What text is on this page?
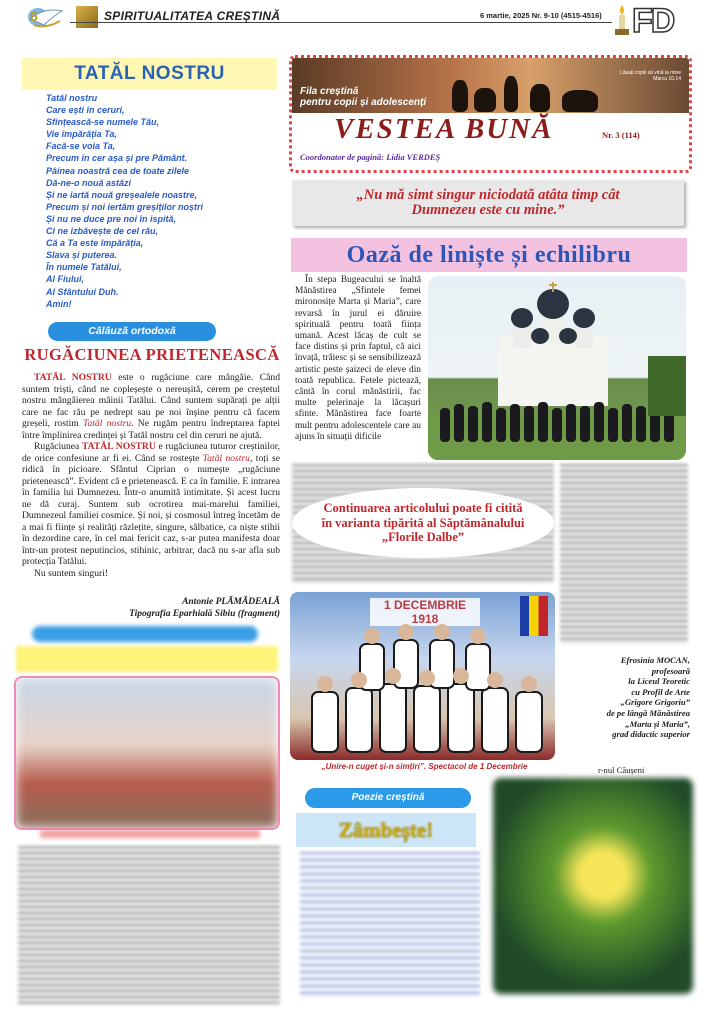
6	SPIRITUALITATEA CREȘTINĂ	6 martie, 2025 Nr. 9-10 (4515-4516) FD
TATĂL NOSTRU
Tatăl nostru
Care ești în ceruri,
Sfințească-se numele Tău,
Vie împărăția Ta,
Facă-se voia Ta,
Precum în cer așa și pre Pământ.
Pâinea noastră cea de toate zilele
Dă-ne-o nouă astăzi
Și ne iartă nouă greșealele noastre,
Precum și noi iertăm greșiților noștri
Și nu ne duce pre noi în ispită,
Ci ne izbăvește de cel rău,
Că a Ta este împărăția,
Slava și puterea.
În numele Tatălui,
Al Fiului,
Al Sfântului Duh.
Amin!
Călăuză ortodoxă
RUGĂCIUNEA PRIETENEASCĂ

TATĂL NOSTRU este o rugăciune care mângâie. Când suntem triști, când ne copleșește o nereușită, cerem pe creștetul nostru mângâierea mâinii Tatălui. Când suntem supărați pe alții care ne fac rău pe nedrept sau pe noi înșine pentru că facem greșeli, rostim Tatăl nostru. Ne rugăm pentru îndreptarea faptei între împlinirea credinței și Tatăl nostru cel din ceruri ne ajută.

Rugăciunea TATĂL NOSTRU e rugăciunea tuturor creștinilor, de orice confesiune ar fi ei. Când se rostește Tatăl nostru, toți se ridică în picioare. Sfântul Ciprian o numește „rugăciune prietenească”. Evident că e prietenească. E ca în familie. E intrarea în familia lui Dumnezeu. Într-o anumită intimitate. Și acest lucru ne dă curaj. Suntem sub ocrotirea mai-marelui familiei, Dumnezeul familiei cosmice. Și noi, și cosmosul întreg încetăm de a mai fi ființe și realități răzlețite, singure, sălbatice, ca niște stihii în dezordine care, în cel mai fericit caz, s-ar putea manifesta doar într-un protest neputincios, stihinic, arbitrar, dacă nu s-ar afla sub protecția Tatălui.

Nu suntem singuri!

Antonie PLĂMĂDEALĂ
Tipografia Eparhială Sibiu (fragment)
Lăsați copiii să vină la mine
Marcu 10,14
Fila creștină
pentru copii și adolescenți
VESTEA BUNĂ	Nr. 3 (114)
Coordonator de pagină: Lidia VERDEȘ
„Nu mă simt singur niciodată atâta timp cât
Dumnezeu este cu mine.”
Oază de liniște și echilibru

În stepa Bugeacului se înaltă Mănăstirea „Sfintele femei mironosițe Marta și Maria”, care revarsă în jurul ei dăruire spirituală pentru toată ființa umană. Acest lăcaș de cult se face distins și prin faptul, că aici învață, trăiesc și se sensibilizează artistic peste șaizeci de eleve din toată republica. Fetele pictează, cântă în corul mănăstirii, fac multe pelerinaje la lăcașuri sfinte. Mănăstirea face foarte mult pentru adolescentele care au ajuns în situații dificile

Continuarea articolului poate fi citită
în varianta tipărită al Săptămânalului
„Florile Dalbe”
1 DECEMBRIE 1918
„Unire-n cuget și-n simțiri”. Spectacol de 1 Decembrie
Efrosinia MOCAN,
profesoară
la Liceul Teoretic
cu Profil de Arte
„Grigore Grigoriu”
de pe lângă Mănăstirea
„Marta și Maria”,
grad didactic superior
r-nul Căușeni
Poezie creștină
Zâmbește!
